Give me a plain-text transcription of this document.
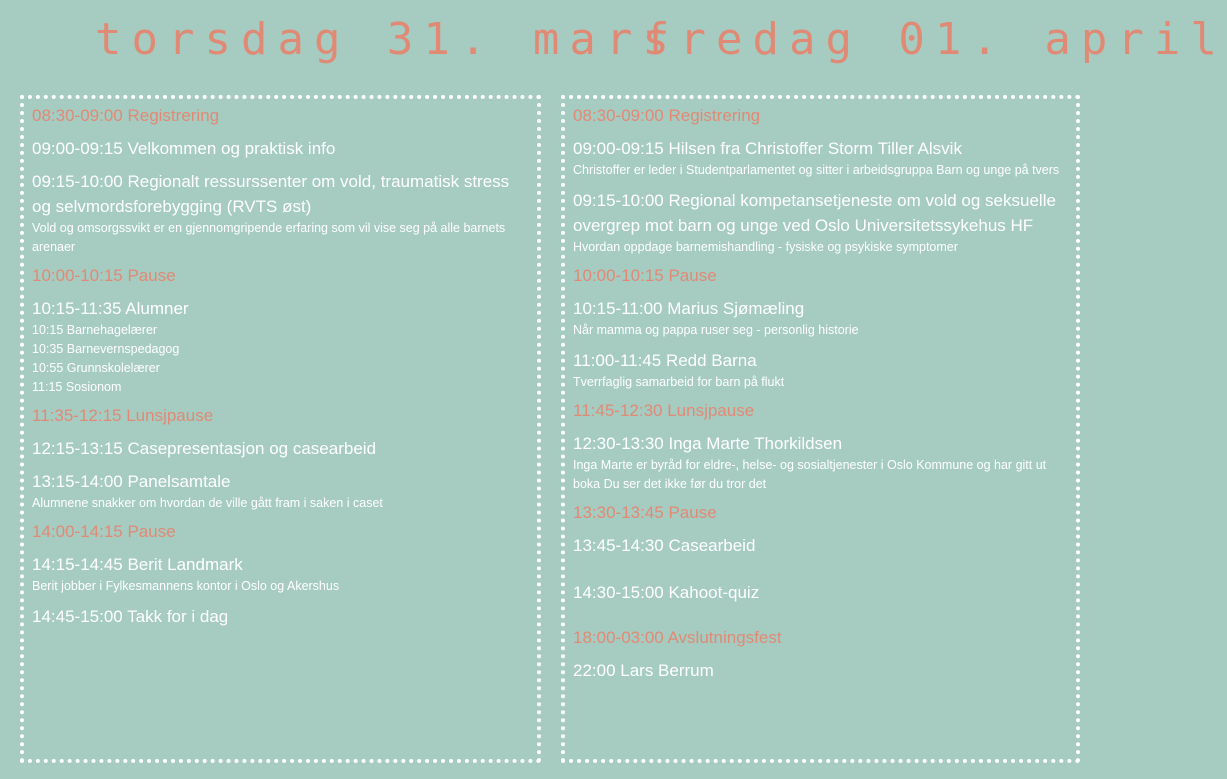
torsdag 31. mars
fredag 01. april
08:30-09:00 Registrering
09:00-09:15 Velkommen og praktisk info
09:15-10:00 Regionalt ressurssenter om vold, traumatisk stress og selvmordsforebygging (RVTS øst)
Vold og omsorgssvikt er en gjennomgripende erfaring som vil vise seg på alle barnets arenaer
10:00-10:15 Pause
10:15-11:35 Alumner
10:15 Barnehagelærer
10:35 Barnevernspedagog
10:55 Grunnskolelærer
11:15 Sosionom
11:35-12:15 Lunsjpause
12:15-13:15 Casepresentasjon og casearbeid
13:15-14:00 Panelsamtale
Alumnene snakker om hvordan de ville gått fram i saken i caset
14:00-14:15 Pause
14:15-14:45 Berit Landmark
Berit jobber i Fylkesmannens kontor i Oslo og Akershus
14:45-15:00 Takk for i dag
08:30-09:00 Registrering
09:00-09:15 Hilsen fra Christoffer Storm Tiller Alsvik
Christoffer er leder i Studentparlamentet og sitter i arbeidsgruppa Barn og unge på tvers
09:15-10:00 Regional kompetansetjeneste om vold og seksuelle overgrep mot barn og unge ved Oslo Universitetssykehus HF
Hvordan oppdage barnemishandling - fysiske og psykiske symptomer
10:00-10:15 Pause
10:15-11:00 Marius Sjømæling
Når mamma og pappa ruser seg - personlig historie
11:00-11:45 Redd Barna
Tverrfaglig samarbeid for barn på flukt
11:45-12:30 Lunsjpause
12:30-13:30 Inga Marte Thorkildsen
Inga Marte er byråd for eldre-, helse- og sosialtjenester i Oslo Kommune og har gitt ut boka Du ser det ikke før du tror det
13:30-13:45 Pause
13:45-14:30 Casearbeid
14:30-15:00 Kahoot-quiz
18:00-03:00 Avslutningsfest
22:00 Lars Berrum
